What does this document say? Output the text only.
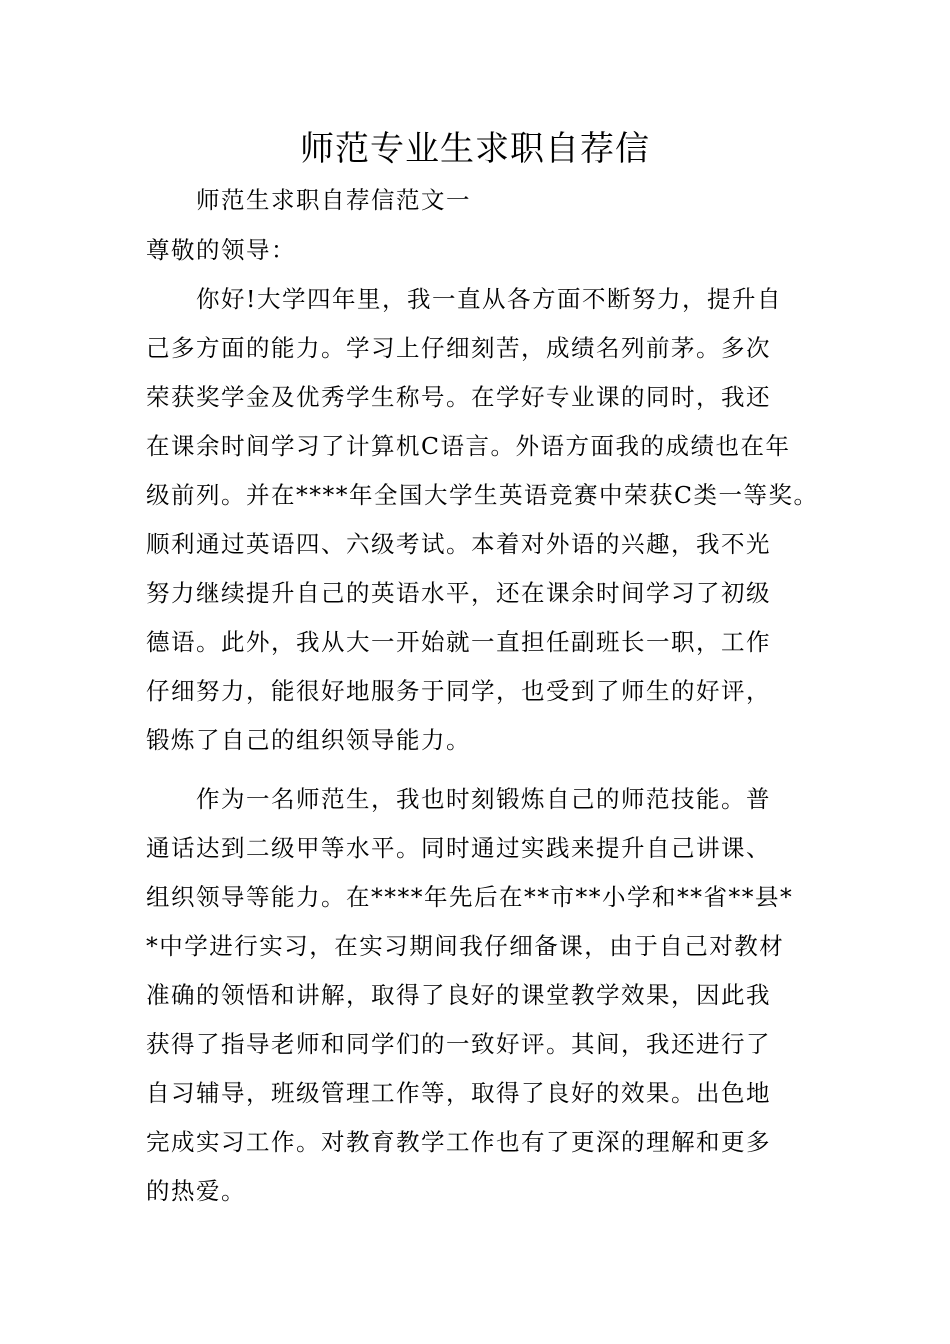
师范专业生求职自荐信
师范生求职自荐信范文一
尊敬的领导：
　　你好!大学四年里，我一直从各方面不断努力，提升自
己多方面的能力。学习上仔细刻苦，成绩名列前茅。多次
荣获奖学金及优秀学生称号。在学好专业课的同时，我还
在课余时间学习了计算机C语言。外语方面我的成绩也在年
级前列。并在****年全国大学生英语竞赛中荣获C类一等奖。
顺利通过英语四、六级考试。本着对外语的兴趣，我不光
努力继续提升自己的英语水平，还在课余时间学习了初级
德语。此外，我从大一开始就一直担任副班长一职，工作
仔细努力，能很好地服务于同学，也受到了师生的好评，
锻炼了自己的组织领导能力。
　　作为一名师范生，我也时刻锻炼自己的师范技能。普
通话达到二级甲等水平。同时通过实践来提升自己讲课、
组织领导等能力。在****年先后在**市**小学和**省**县*
*中学进行实习，在实习期间我仔细备课，由于自己对教材
准确的领悟和讲解，取得了良好的课堂教学效果，因此我
获得了指导老师和同学们的一致好评。其间，我还进行了
自习辅导，班级管理工作等，取得了良好的效果。出色地
完成实习工作。对教育教学工作也有了更深的理解和更多
的热爱。
